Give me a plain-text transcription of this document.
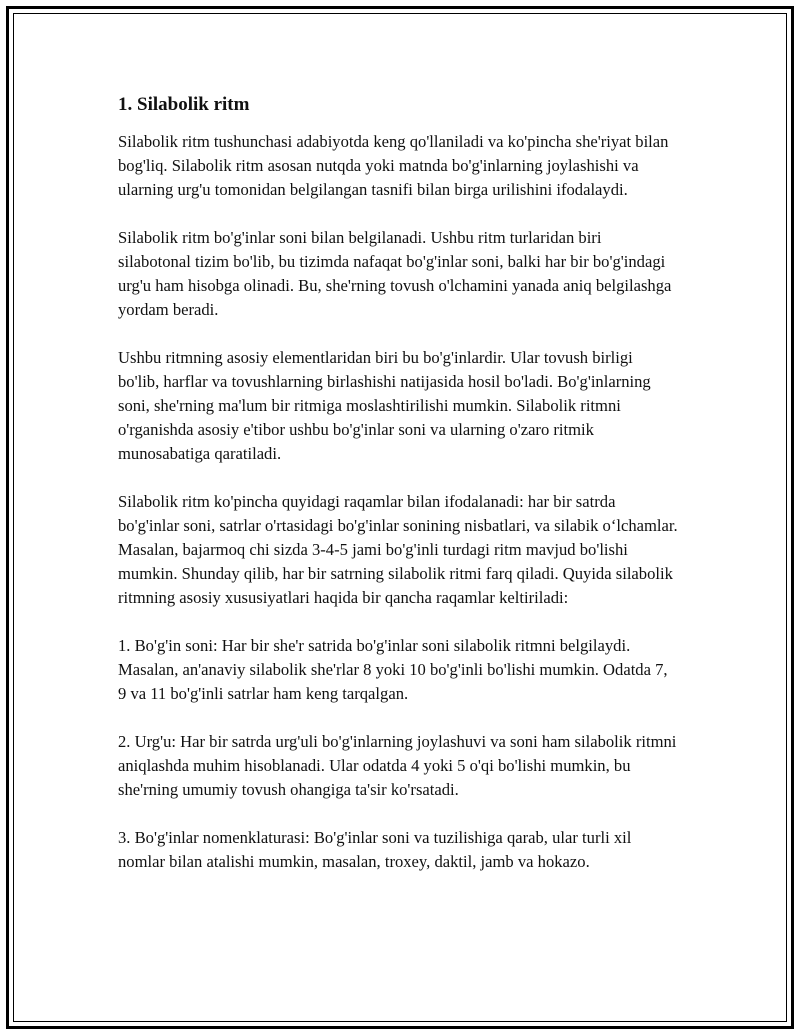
1. Silabolik ritm

Silabolik ritm tushunchasi adabiyotda keng qo'llaniladi va ko'pincha she'riyat bilan bog'liq. Silabolik ritm asosan nutqda yoki matnda bo'g'inlarning joylashishi va ularning urg'u tomonidan belgilangan tasnifi bilan birga urilishini ifodalaydi.

Silabolik ritm bo'g'inlar soni bilan belgilanadi. Ushbu ritm turlaridan biri silabotonal tizim bo'lib, bu tizimda nafaqat bo'g'inlar soni, balki har bir bo'g'indagi urg'u ham hisobga olinadi. Bu, she'rning tovush o'lchamini yanada aniq belgilashga yordam beradi.

Ushbu ritmning asosiy elementlaridan biri bu bo'g'inlardir. Ular tovush birligi bo'lib, harflar va tovushlarning birlashishi natijasida hosil bo'ladi. Bo'g'inlarning soni, she'rning ma'lum bir ritmiga moslashtirilishi mumkin. Silabolik ritmni o'rganishda asosiy e'tibor ushbu bo'g'inlar soni va ularning o'zaro ritmik munosabatiga qaratiladi.

Silabolik ritm ko'pincha quyidagi raqamlar bilan ifodalanadi: har bir satrda bo'g'inlar soni, satrlar o'rtasidagi bo'g'inlar sonining nisbatlari, va silabik o‘lchamlar. Masalan, bajarmoq chi sizda 3-4-5 jami bo'g'inli turdagi ritm mavjud bo'lishi mumkin. Shunday qilib, har bir satrning silabolik ritmi farq qiladi. Quyida silabolik ritmning asosiy xususiyatlari haqida bir qancha raqamlar keltiriladi:

1. Bo'g'in soni: Har bir she'r satrida bo'g'inlar soni silabolik ritmni belgilaydi. Masalan, an'anaviy silabolik she'rlar 8 yoki 10 bo'g'inli bo'lishi mumkin. Odatda 7, 9 va 11 bo'g'inli satrlar ham keng tarqalgan.

2. Urg'u: Har bir satrda urg'uli bo'g'inlarning joylashuvi va soni ham silabolik ritmni aniqlashda muhim hisoblanadi. Ular odatda 4 yoki 5 o'qi bo'lishi mumkin, bu she'rning umumiy tovush ohangiga ta'sir ko'rsatadi.

3. Bo'g'inlar nomenklaturasi: Bo'g'inlar soni va tuzilishiga qarab, ular turli xil nomlar bilan atalishi mumkin, masalan, troxey, daktil, jamb va hokazo.
